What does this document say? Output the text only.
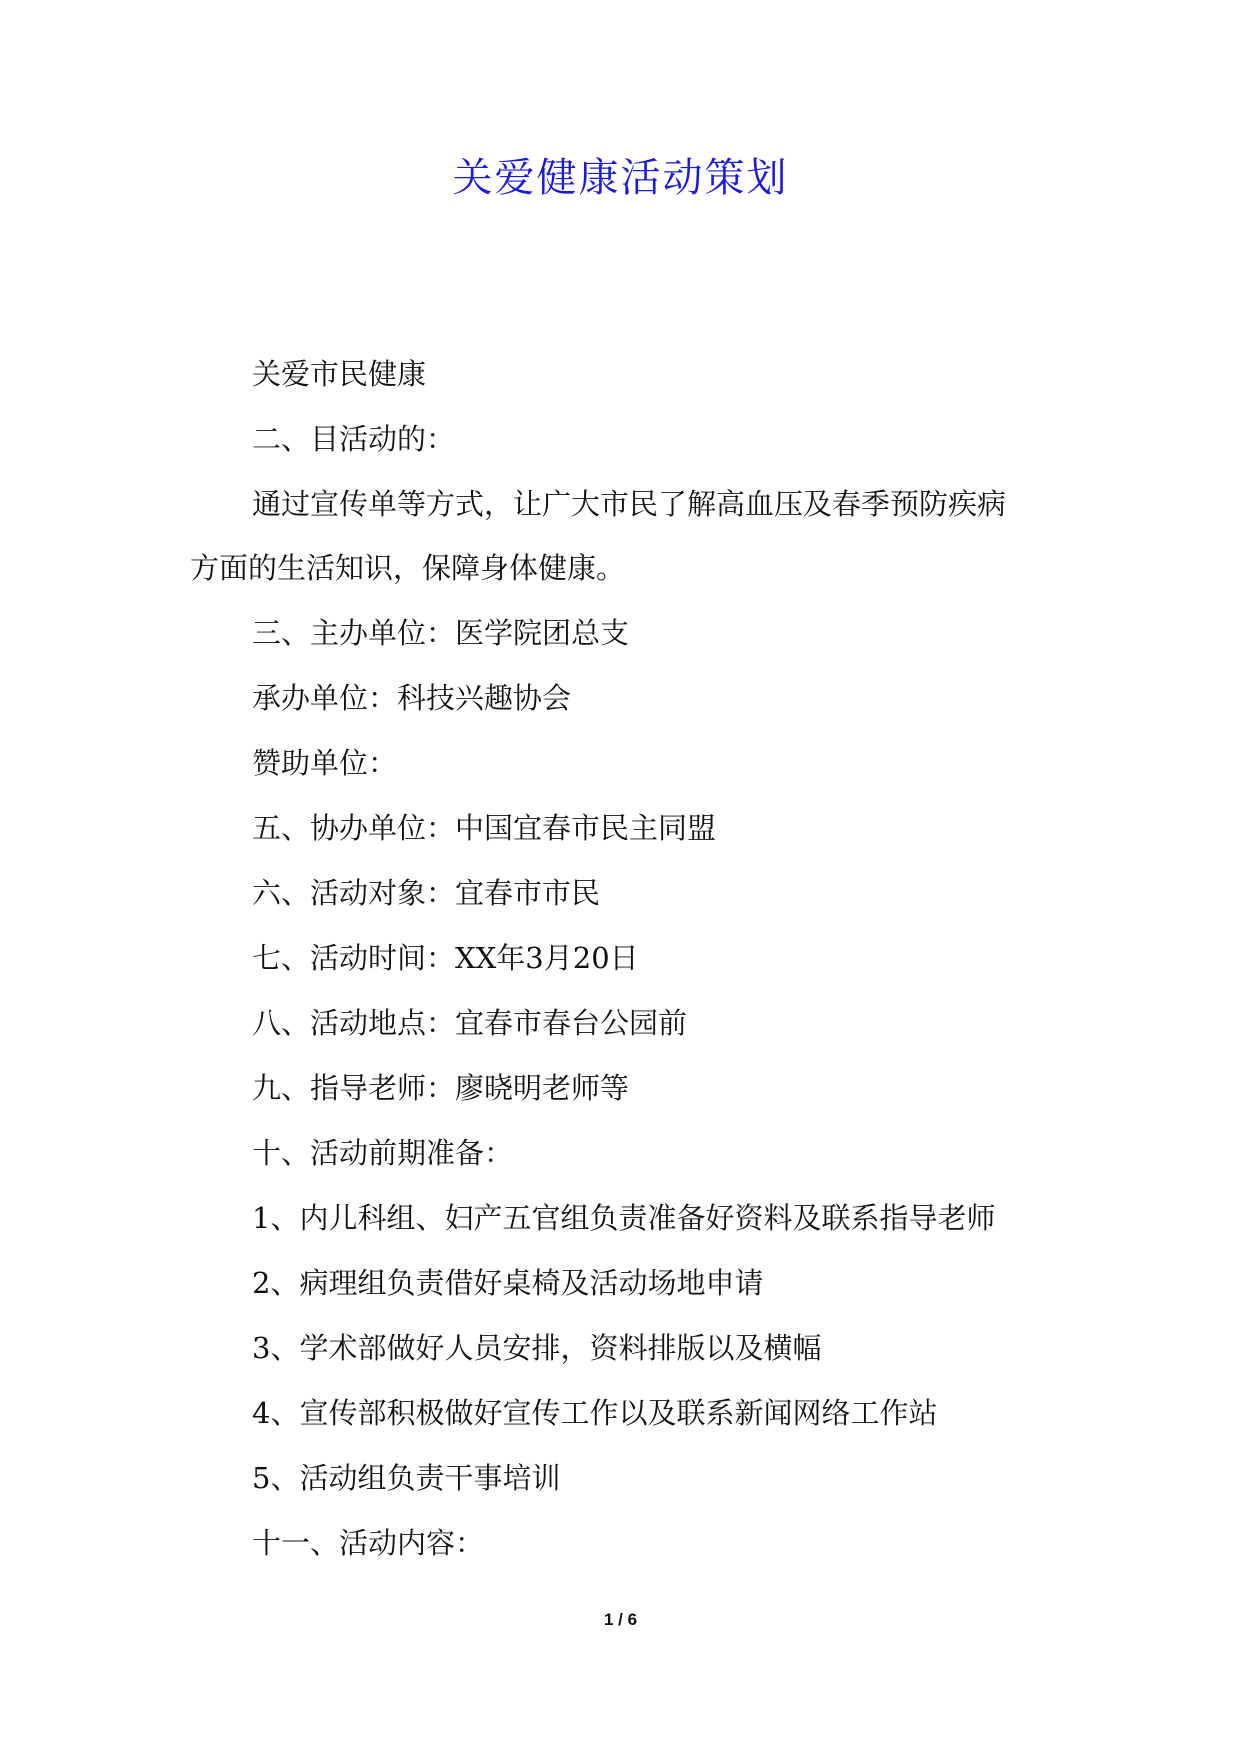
关爱健康活动策划
关爱市民健康
二、目活动的：
通过宣传单等方式，让广大市民了解高血压及春季预防疾病
方面的生活知识，保障身体健康。
三、主办单位：医学院团总支
承办单位：科技兴趣协会
赞助单位：
五、协办单位：中国宜春市民主同盟
六、活动对象：宜春市市民
七、活动时间：XX年3月20日
八、活动地点：宜春市春台公园前
九、指导老师：廖晓明老师等
十、活动前期准备：
1、内儿科组、妇产五官组负责准备好资料及联系指导老师
2、病理组负责借好桌椅及活动场地申请
3、学术部做好人员安排，资料排版以及横幅
4、宣传部积极做好宣传工作以及联系新闻网络工作站
5、活动组负责干事培训
十一、活动内容：
1 / 6
